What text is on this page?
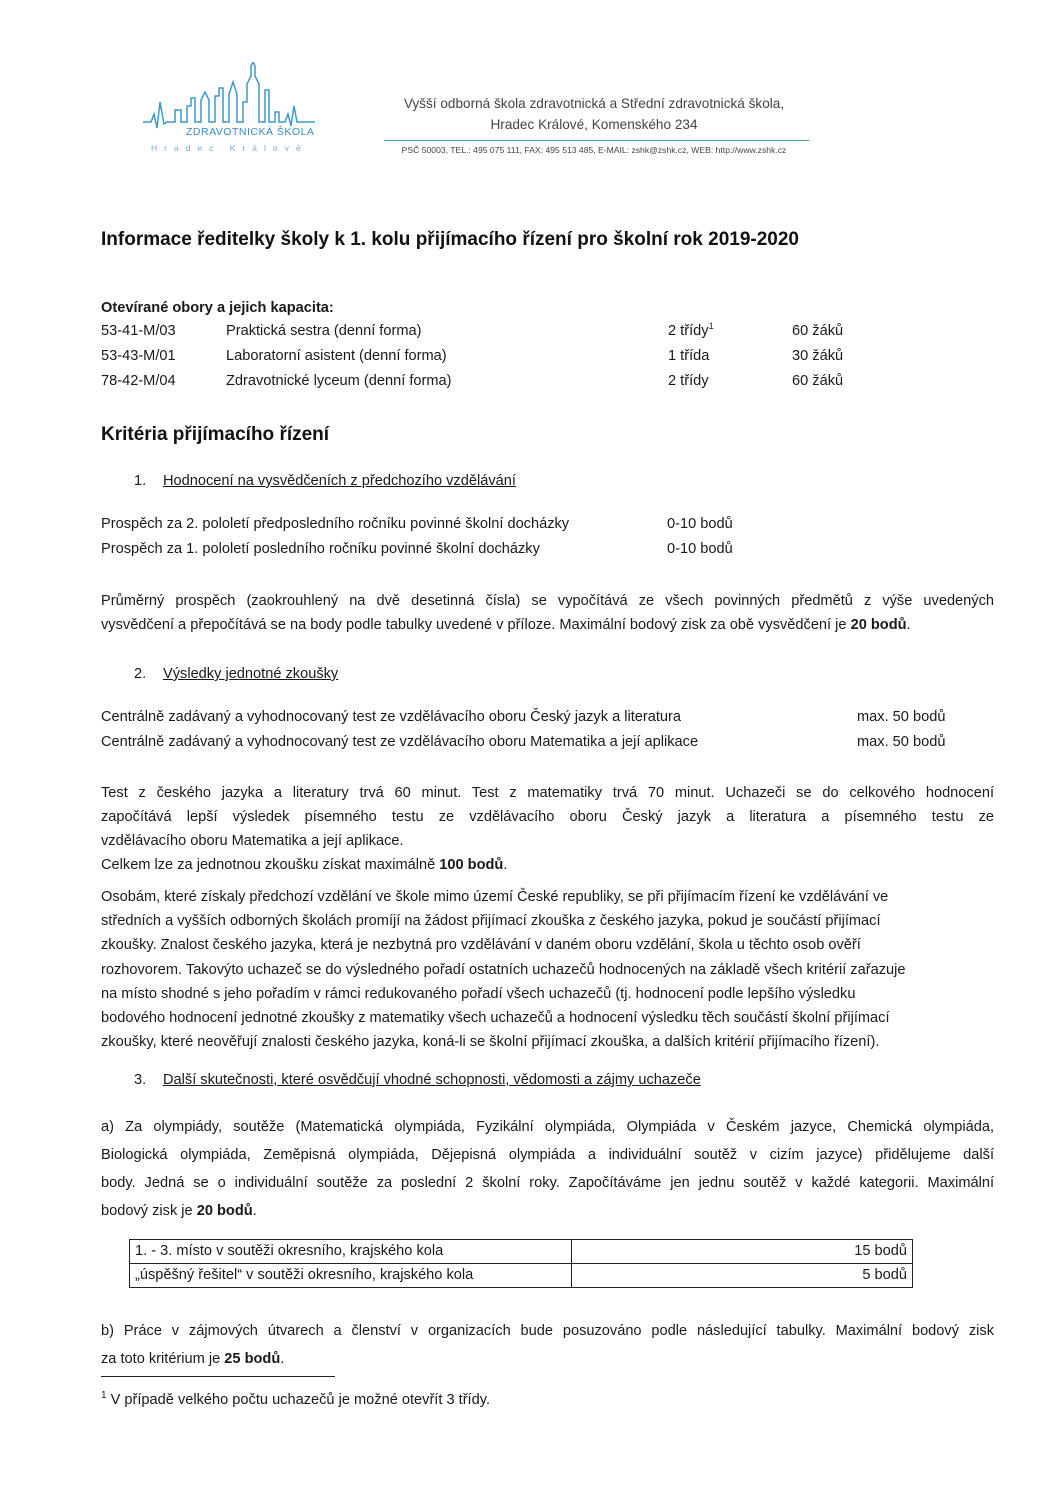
ZDRAVOTNICKÁ ŠKOLA
Hradec Králové
Vyšší odborná škola zdravotnická a Střední zdravotnická škola,
Hradec Králové, Komenského 234
PSČ 50003, TEL.: 495 075 111, FAX: 495 513 485, E-MAIL: zshk@zshk.cz, WEB: http://www.zshk.cz
Informace ředitelky školy k 1. kolu přijímacího řízení pro školní rok 2019-2020
Otevírané obory a jejich kapacita:
53-41-M/03	Praktická sestra (denní forma)	2 třídy$^1$	60 žáků
53-43-M/01	Laboratorní asistent (denní forma)	1 třída	30 žáků
78-42-M/04	Zdravotnické lyceum (denní forma)	2 třídy	60 žáků
Kritéria přijímacího řízení
1. Hodnocení na vysvědčeních z předchozího vzdělávání
Prospěch za 2. pololetí předposledního ročníku povinné školní docházky	0-10 bodů
Prospěch za 1. pololetí posledního ročníku povinné školní docházky	0-10 bodů
Průměrný prospěch (zaokrouhlený na dvě desetinná čísla) se vypočítává ze všech povinných předmětů z výše uvedených
vysvědčení a přepočítává se na body podle tabulky uvedené v příloze. Maximální bodový zisk za obě vysvědčení je 20 bodů.
2. Výsledky jednotné zkoušky
Centrálně zadávaný a vyhodnocovaný test ze vzdělávacího oboru Český jazyk a literatura	max. 50 bodů
Centrálně zadávaný a vyhodnocovaný test ze vzdělávacího oboru Matematika a její aplikace	max. 50 bodů
Test z českého jazyka a literatury trvá 60 minut. Test z matematiky trvá 70 minut. Uchazeči se do celkového hodnocení
započítává lepší výsledek písemného testu ze vzdělávacího oboru Český jazyk a literatura a písemného testu ze
vzdělávacího oboru Matematika a její aplikace.
Celkem lze za jednotnou zkoušku získat maximálně 100 bodů.
Osobám, které získaly předchozí vzdělání ve škole mimo území České republiky, se při přijímacím řízení ke vzdělávání ve
středních a vyšších odborných školách promíjí na žádost přijímací zkouška z českého jazyka, pokud je součástí přijímací
zkoušky. Znalost českého jazyka, která je nezbytná pro vzdělávání v daném oboru vzdělání, škola u těchto osob ověří
rozhovorem. Takovýto uchazeč se do výsledného pořadí ostatních uchazečů hodnocených na základě všech kritérií zařazuje
na místo shodné s jeho pořadím v rámci redukovaného pořadí všech uchazečů (tj. hodnocení podle lepšího výsledku
bodového hodnocení jednotné zkoušky z matematiky všech uchazečů a hodnocení výsledku těch součástí školní přijímací
zkoušky, které neověřují znalosti českého jazyka, koná-li se školní přijímací zkouška, a dalších kritérií přijímacího řízení).
3. Další skutečnosti, které osvědčují vhodné schopnosti, vědomosti a zájmy uchazeče
a) Za olympiády, soutěže (Matematická olympiáda, Fyzikální olympiáda, Olympiáda v Českém jazyce, Chemická olympiáda,
Biologická olympiáda, Zeměpisná olympiáda, Dějepisná olympiáda a individuální soutěž v cizím jazyce) přidělujeme další
body. Jedná se o individuální soutěže za poslední 2 školní roky. Započítáváme jen jednu soutěž v každé kategorii. Maximální
bodový zisk je 20 bodů.
1. - 3. místo v soutěži okresního, krajského kola	15 bodů
„úspěšný řešitel“ v soutěži okresního, krajského kola	5 bodů
b) Práce v zájmových útvarech a členství v organizacích bude posuzováno podle následující tabulky. Maximální bodový zisk
za toto kritérium je 25 bodů.
$^1$ V případě velkého počtu uchazečů je možné otevřít 3 třídy.
